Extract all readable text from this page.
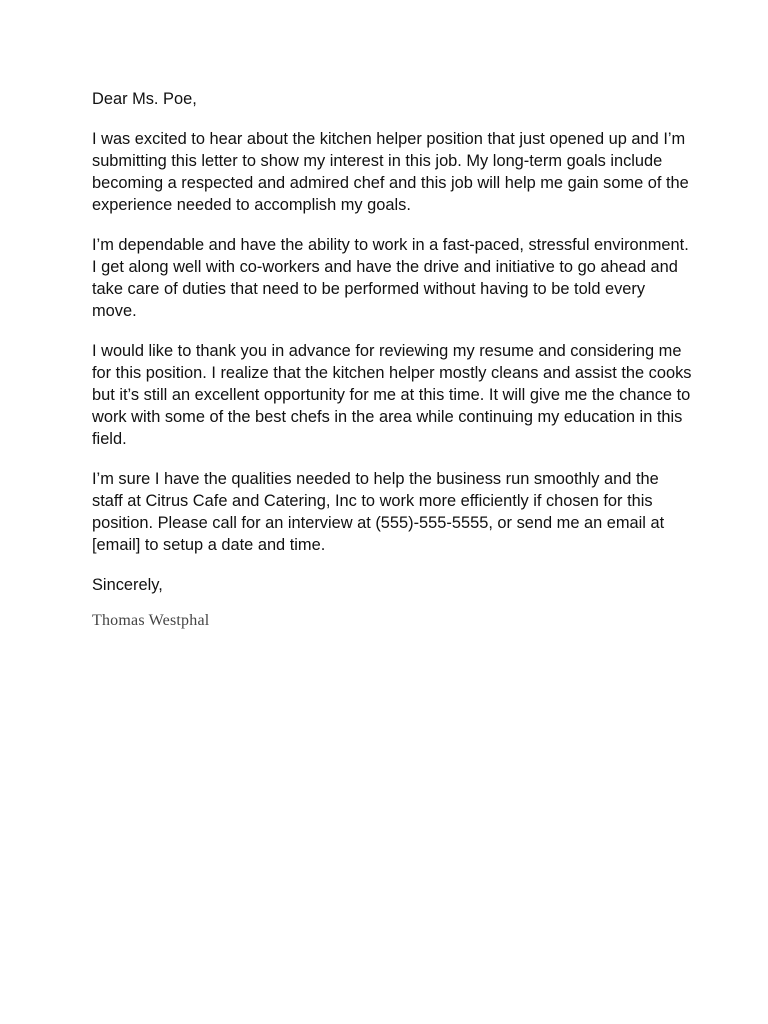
Dear Ms. Poe,

I was excited to hear about the kitchen helper position that just opened up and I’m submitting this letter to show my interest in this job. My long-term goals include becoming a respected and admired chef and this job will help me gain some of the experience needed to accomplish my goals.

I’m dependable and have the ability to work in a fast-paced, stressful environment. I get along well with co-workers and have the drive and initiative to go ahead and take care of duties that need to be performed without having to be told every move.

I would like to thank you in advance for reviewing my resume and considering me for this position. I realize that the kitchen helper mostly cleans and assist the cooks but it’s still an excellent opportunity for me at this time. It will give me the chance to work with some of the best chefs in the area while continuing my education in this field.

I’m sure I have the qualities needed to help the business run smoothly and the staff at Citrus Cafe and Catering, Inc to work more efficiently if chosen for this position. Please call for an interview at (555)-555-5555, or send me an email at [email] to setup a date and time.

Sincerely,

Thomas Westphal
